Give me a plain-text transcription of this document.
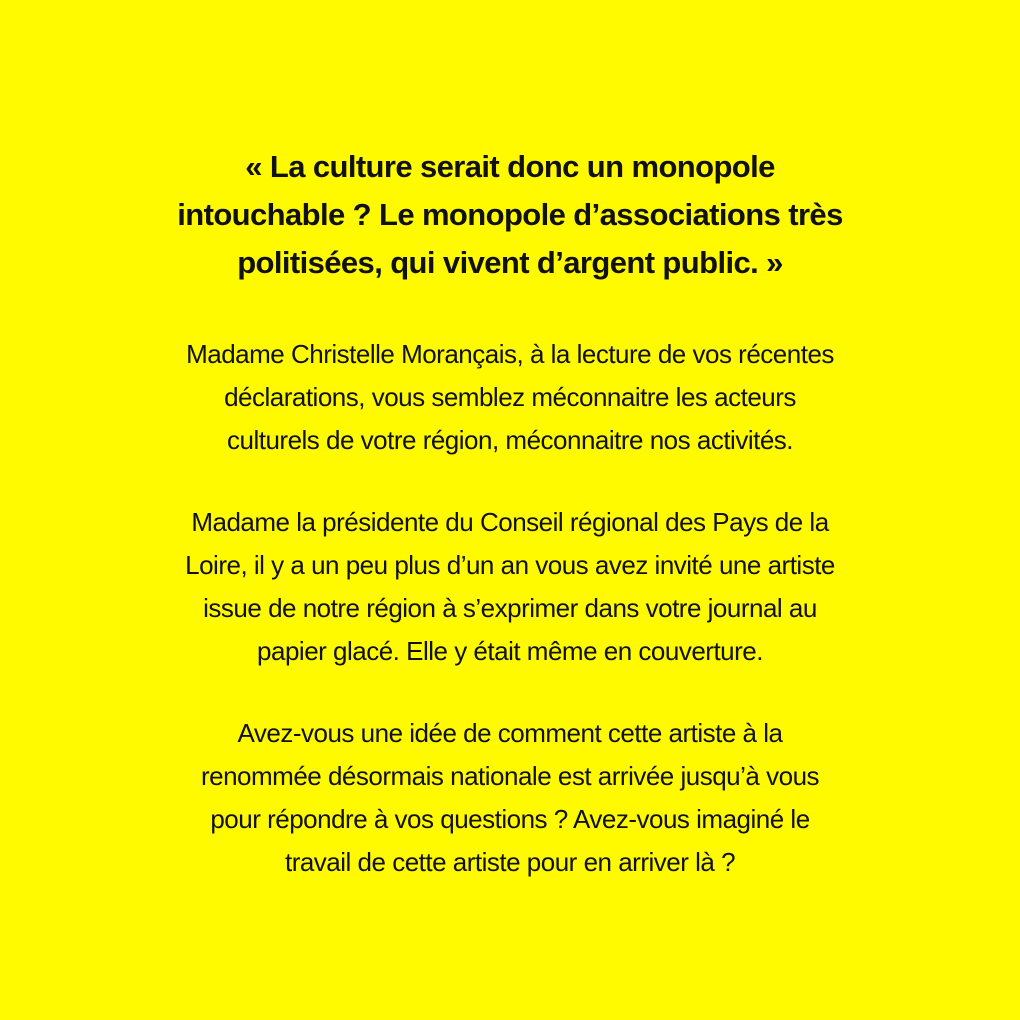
« La culture serait donc un monopole
intouchable ? Le monopole d’associations très
politisées, qui vivent d’argent public. »

Madame Christelle Morançais, à la lecture de vos récentes
déclarations, vous semblez méconnaitre les acteurs
culturels de votre région, méconnaitre nos activités.

Madame la présidente du Conseil régional des Pays de la
Loire, il y a un peu plus d’un an vous avez invité une artiste
issue de notre région à s’exprimer dans votre journal au
papier glacé. Elle y était même en couverture.

Avez-vous une idée de comment cette artiste à la
renommée désormais nationale est arrivée jusqu’à vous
pour répondre à vos questions ? Avez-vous imaginé le
travail de cette artiste pour en arriver là ?
